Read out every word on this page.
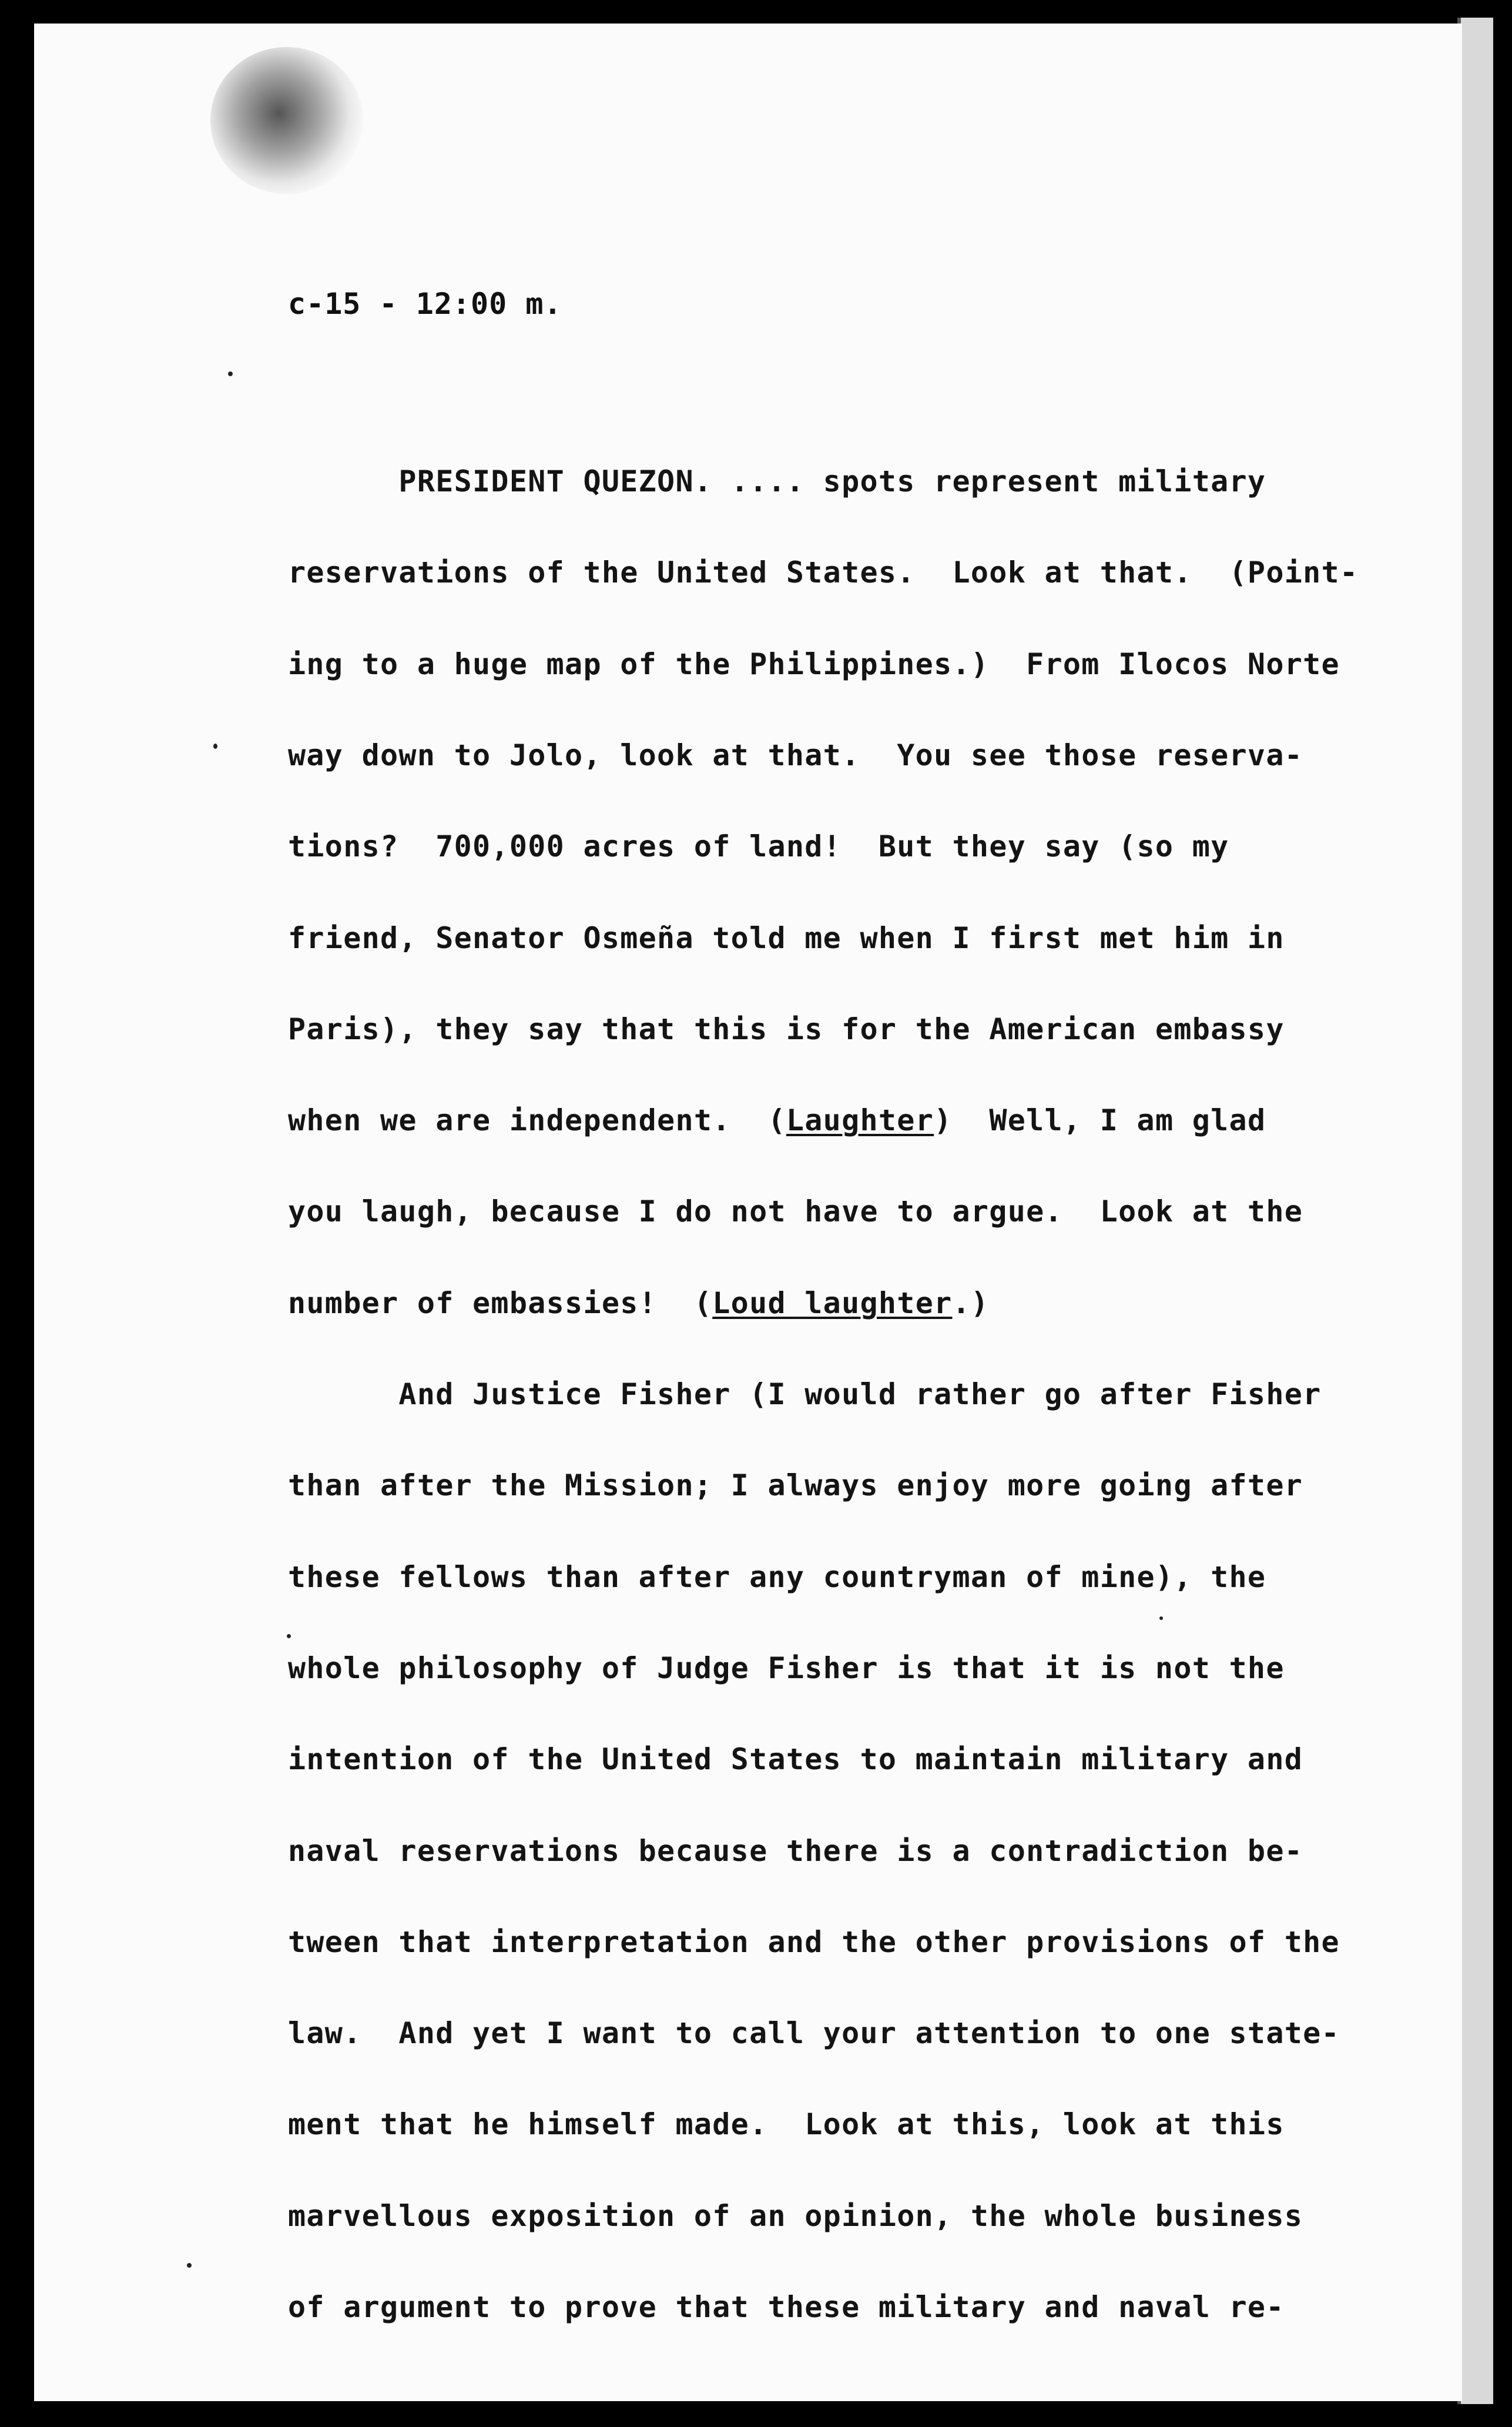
c-15 - 12:00 m.
PRESIDENT QUEZON. .... spots represent military
reservations of the United States.  Look at that.  (Point-
ing to a huge map of the Philippines.)  From Ilocos Norte
way down to Jolo, look at that.  You see those reserva-
tions?  700,000 acres of land!  But they say (so my
friend, Senator Osmeña told me when I first met him in
Paris), they say that this is for the American embassy
when we are independent.  (Laughter)  Well, I am glad
you laugh, because I do not have to argue.  Look at the
number of embassies!  (Loud laughter.)
And Justice Fisher (I would rather go after Fisher
than after the Mission; I always enjoy more going after
these fellows than after any countryman of mine), the
whole philosophy of Judge Fisher is that it is not the
intention of the United States to maintain military and
naval reservations because there is a contradiction be-
tween that interpretation and the other provisions of the
law.  And yet I want to call your attention to one state-
ment that he himself made.  Look at this, look at this
marvellous exposition of an opinion, the whole business
of argument to prove that these military and naval re-
